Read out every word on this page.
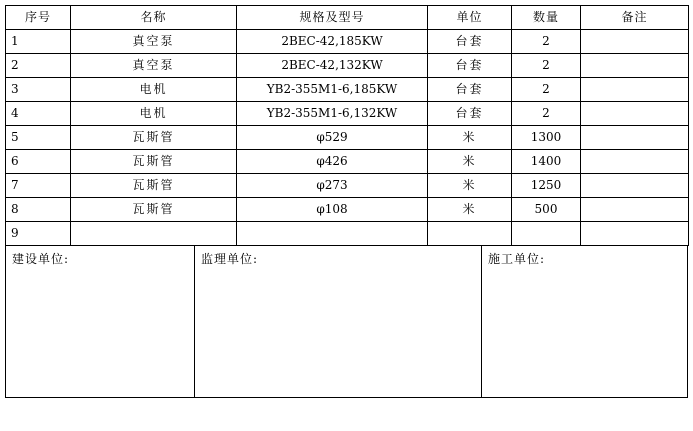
序号	名称	规格及型号	单位	数量	备注
1	真空泵	2BEC-42,185KW	台套	2	
2	真空泵	2BEC-42,132KW	台套	2	
3	电机	YB2-355M1-6,185KW	台套	2	
4	电机	YB2-355M1-6,132KW	台套	2	
5	瓦斯管	φ529	米	1300	
6	瓦斯管	φ426	米	1400	
7	瓦斯管	φ273	米	1250	
8	瓦斯管	φ108	米	500	
9					
建设单位:	监理单位:	施工单位:
